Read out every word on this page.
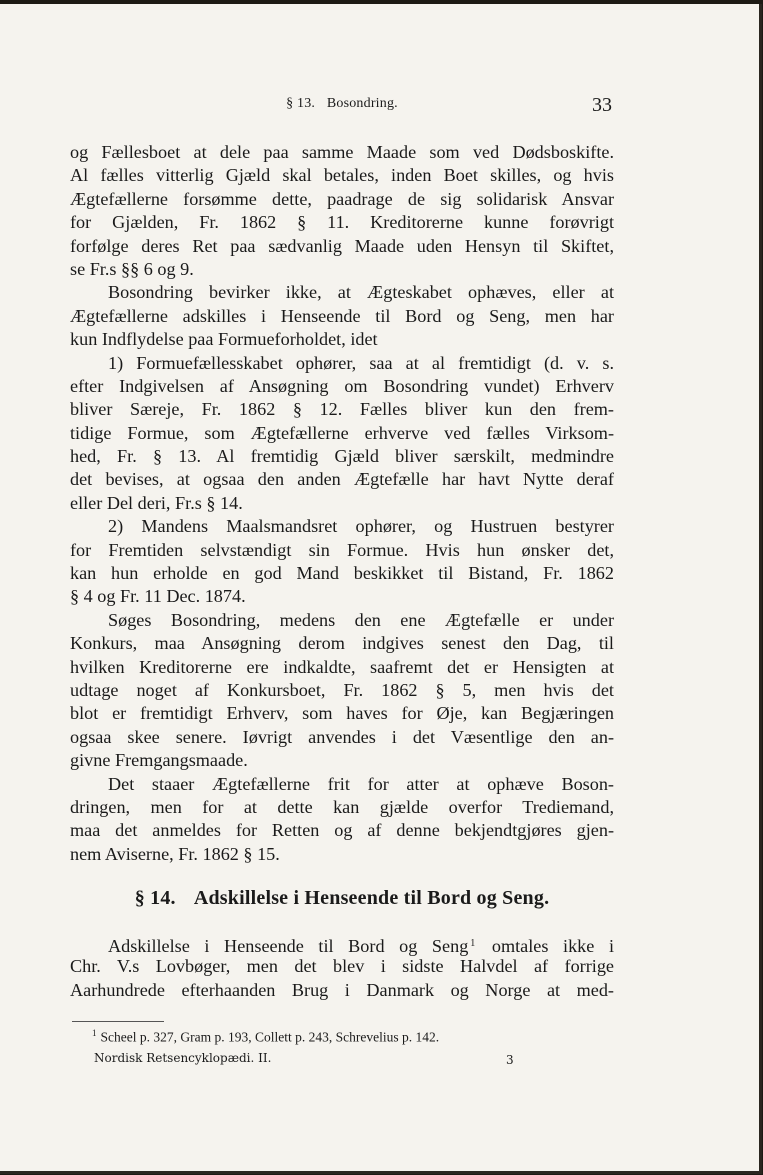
§ 13. Bosondring.	33
og Fællesboet at dele paa samme Maade som ved Dødsboskifte.
Al fælles vitterlig Gjæld skal betales, inden Boet skilles, og hvis
Ægtefællerne forsømme dette, paadrage de sig solidarisk Ansvar
for Gjælden, Fr. 1862 § 11. Kreditorerne kunne forøvrigt
forfølge deres Ret paa sædvanlig Maade uden Hensyn til Skiftet,
se Fr.s §§ 6 og 9.
Bosondring bevirker ikke, at Ægteskabet ophæves, eller at
Ægtefællerne adskilles i Henseende til Bord og Seng, men har
kun Indflydelse paa Formueforholdet, idet
1) Formuefællesskabet ophører, saa at al fremtidigt (d. v. s.
efter Indgivelsen af Ansøgning om Bosondring vundet) Erhverv
bliver Særeje, Fr. 1862 § 12. Fælles bliver kun den frem-
tidige Formue, som Ægtefællerne erhverve ved fælles Virksom-
hed, Fr. § 13. Al fremtidig Gjæld bliver særskilt, medmindre
det bevises, at ogsaa den anden Ægtefælle har havt Nytte deraf
eller Del deri, Fr.s § 14.
2) Mandens Maalsmandsret ophører, og Hustruen bestyrer
for Fremtiden selvstændigt sin Formue. Hvis hun ønsker det,
kan hun erholde en god Mand beskikket til Bistand, Fr. 1862
§ 4 og Fr. 11 Dec. 1874.
Søges Bosondring, medens den ene Ægtefælle er under
Konkurs, maa Ansøgning derom indgives senest den Dag, til
hvilken Kreditorerne ere indkaldte, saafremt det er Hensigten at
udtage noget af Konkursboet, Fr. 1862 § 5, men hvis det
blot er fremtidigt Erhverv, som haves for Øje, kan Begjæringen
ogsaa skee senere. Iøvrigt anvendes i det Væsentlige den an-
givne Fremgangsmaade.
Det staaer Ægtefællerne frit for atter at ophæve Boson-
dringen, men for at dette kan gjælde overfor Trediemand,
maa det anmeldes for Retten og af denne bekjendtgjøres gjen-
nem Aviserne, Fr. 1862 § 15.
§ 14. Adskillelse i Henseende til Bord og Seng.
Adskillelse i Henseende til Bord og Seng $^1$ omtales ikke i
Chr. V.s Lovbøger, men det blev i sidste Halvdel af forrige
Aarhundrede efterhaanden Brug i Danmark og Norge at med-
$^1$ Scheel p. 327, Gram p. 193, Collett p. 243, Schrevelius p. 142.
Nordisk Retsencyklopædi. II.	3
